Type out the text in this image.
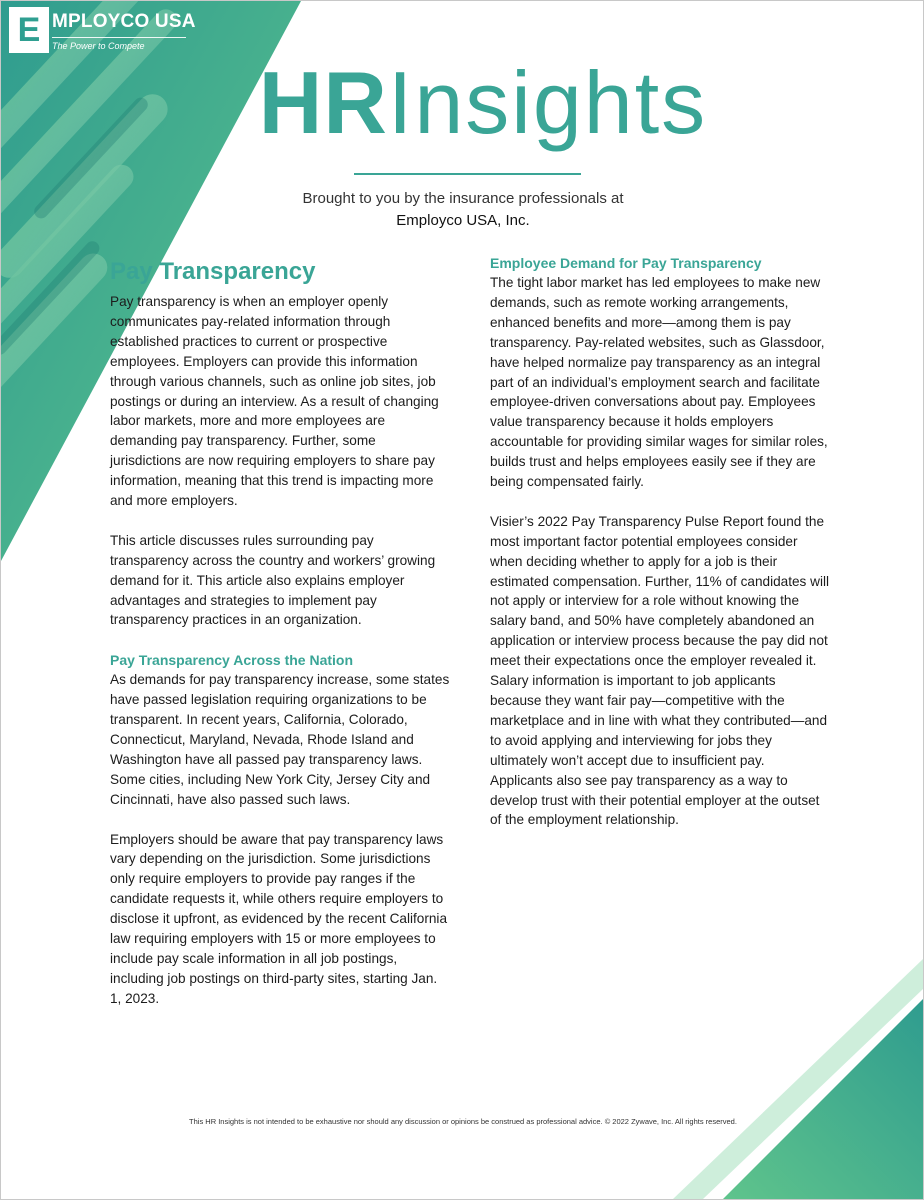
E MPLOYCO USA
The Power to Compete
HRInsights
Brought to you by the insurance professionals at
Employco USA, Inc.
Pay Transparency

Pay transparency is when an employer openly communicates pay-related information through established practices to current or prospective employees. Employers can provide this information through various channels, such as online job sites, job postings or during an interview. As a result of changing labor markets, more and more employees are demanding pay transparency. Further, some jurisdictions are now requiring employers to share pay information, meaning that this trend is impacting more and more employers.

This article discusses rules surrounding pay transparency across the country and workers’ growing demand for it. This article also explains employer advantages and strategies to implement pay transparency practices in an organization.

Pay Transparency Across the Nation

As demands for pay transparency increase, some states have passed legislation requiring organizations to be transparent. In recent years, California, Colorado, Connecticut, Maryland, Nevada, Rhode Island and Washington have all passed pay transparency laws. Some cities, including New York City, Jersey City and Cincinnati, have also passed such laws.

Employers should be aware that pay transparency laws vary depending on the jurisdiction. Some jurisdictions only require employers to provide pay ranges if the candidate requests it, while others require employers to disclose it upfront, as evidenced by the recent California law requiring employers with 15 or more employees to include pay scale information in all job postings, including job postings on third-party sites, starting Jan. 1, 2023.

Employee Demand for Pay Transparency

The tight labor market has led employees to make new demands, such as remote working arrangements, enhanced benefits and more—among them is pay transparency. Pay-related websites, such as Glassdoor, have helped normalize pay transparency as an integral part of an individual’s employment search and facilitate employee-driven conversations about pay. Employees value transparency because it holds employers accountable for providing similar wages for similar roles, builds trust and helps employees easily see if they are being compensated fairly.

Visier’s 2022 Pay Transparency Pulse Report found the most important factor potential employees consider when deciding whether to apply for a job is their estimated compensation. Further, 11% of candidates will not apply or interview for a role without knowing the salary band, and 50% have completely abandoned an application or interview process because the pay did not meet their expectations once the employer revealed it. Salary information is important to job applicants because they want fair pay—competitive with the marketplace and in line with what they contributed—and to avoid applying and interviewing for jobs they ultimately won’t accept due to insufficient pay. Applicants also see pay transparency as a way to develop trust with their potential employer at the outset of the employment relationship.

This HR Insights is not intended to be exhaustive nor should any discussion or opinions be construed as professional advice. © 2022 Zywave, Inc. All rights reserved.
